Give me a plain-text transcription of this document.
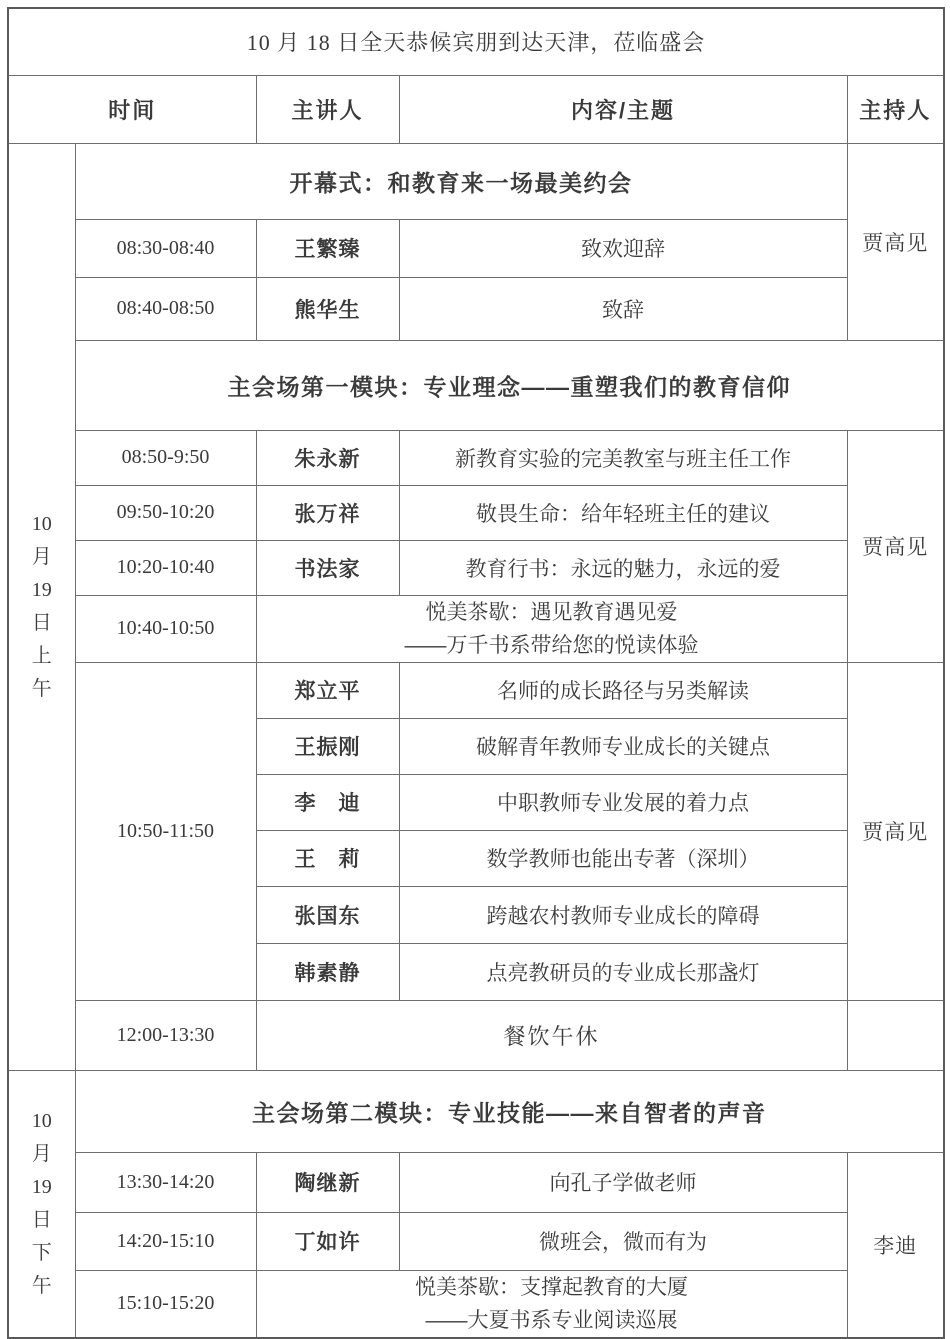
10 月 18 日全天恭候宾朋到达天津，莅临盛会				
时间		主讲人	内容/主题	主持人

10
月
19
日
上
午
	开幕式：和教育来一场最美约会	贾高见
	08:30-08:40	王繁臻	致欢迎辞	
	08:40-08:50	熊华生	致辞	
	主会场第一模块：专业理念——重塑我们的教育信仰			
	08:50-9:50	朱永新	新教育实验的完美教室与班主任工作	贾高见
	09:50-10:20	张万祥	敬畏生命：给年轻班主任的建议	
	10:20-10:40	书法家	教育行书：永远的魅力，永远的爱	
	10:40-10:50	悦美茶歇：遇见教育遇见爱
——万千书系带给您的悦读体验		

	10:50-11:50	郑立平	名师的成长路径与另类解读	贾高见
		王振刚	破解青年教师专业成长的关键点	
		李　迪	中职教师专业发展的着力点	
		王　莉	数学教师也能出专著（深圳）	
		张国东	跨越农村教师专业成长的障碍	
		韩素静	点亮教研员的专业成长那盏灯	
	12:00-13:30	餐饮午休		

10
月
19
日
下
午
	主会场第二模块：专业技能——来自智者的声音
	13:30-14:20	陶继新	向孔子学做老师	李迪
	14:20-15:10	丁如许	微班会，微而有为	
	15:10-15:20	悦美茶歇：支撑起教育的大厦
——大夏书系专业阅读巡展		
